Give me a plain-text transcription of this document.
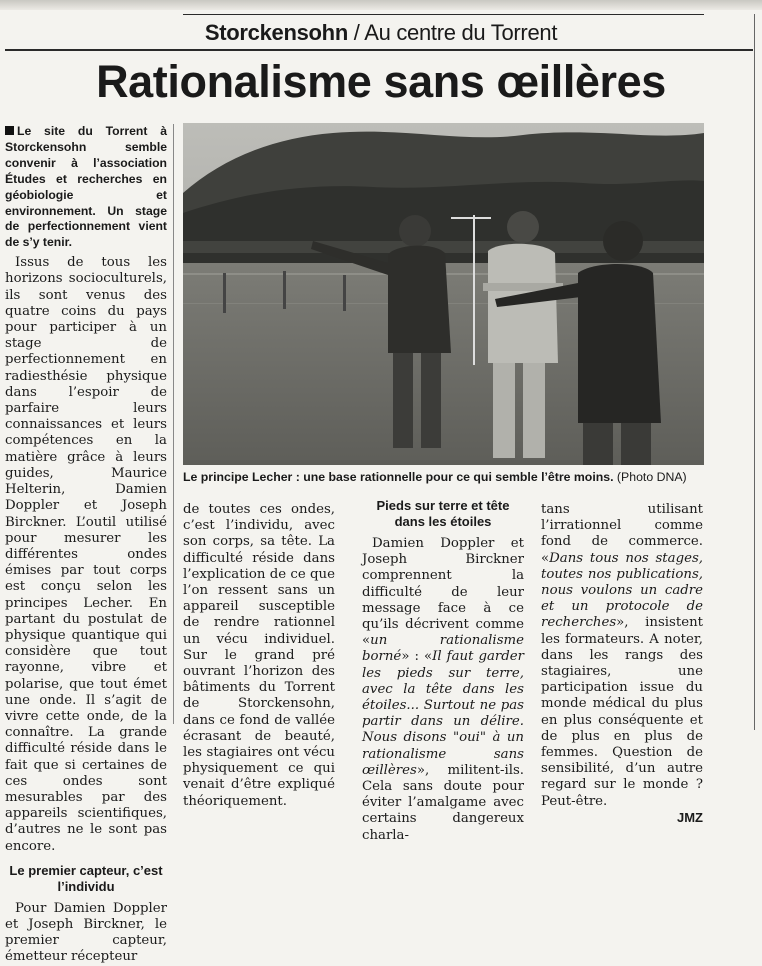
Storckensohn / Au centre du Torrent
Rationalisme sans œillères
Le site du Torrent à Storckensohn semble convenir à l’association Études et recherches en géobiologie et environnement. Un stage de perfectionnement vient de s’y tenir.

Issus de tous les horizons socioculturels, ils sont venus des quatre coins du pays pour participer à un stage de perfectionnement en radiesthésie physique dans l’espoir de parfaire leurs connaissances et leurs compétences en la matière grâce à leurs guides, Maurice Helterin, Damien Doppler et Joseph Birckner. L’outil utilisé pour mesurer les différentes ondes émises par tout corps est conçu selon les principes Lecher. En partant du postulat de physique quantique qui considère que tout rayonne, vibre et polarise, que tout émet une onde. Il s’agit de vivre cette onde, de la connaître. La grande difficulté réside dans le fait que si certaines de ces ondes sont mesurables par des appareils scientifiques, d’autres ne le sont pas encore.

Le premier capteur, c’est l’individu

Pour Damien Doppler et Joseph Birckner, le premier capteur, émetteur récepteur

Le principe Lecher : une base rationnelle pour ce qui semble l’être moins. (Photo DNA)

de toutes ces ondes, c’est l’individu, avec son corps, sa tête. La difficulté réside dans l’explication de ce que l’on ressent sans un appareil susceptible de rendre rationnel un vécu individuel. Sur le grand pré ouvrant l’horizon des bâtiments du Torrent de Storckensohn, dans ce fond de vallée écrasant de beauté, les stagiaires ont vécu physiquement ce qui venait d’être expliqué théoriquement.

Pieds sur terre et tête dans les étoiles

Damien Doppler et Joseph Birckner comprennent la difficulté de leur message face à ce qu’ils décrivent comme «un rationalisme borné» : «Il faut garder les pieds sur terre, avec la tête dans les étoiles... Surtout ne pas partir dans un délire. Nous disons "oui" à un rationalisme sans œillères», militent-ils. Cela sans doute pour éviter l’amalgame avec certains dangereux charla-

tans utilisant l’irrationnel comme fond de commerce. «Dans tous nos stages, toutes nos publications, nous voulons un cadre et un protocole de recherches», insistent les formateurs. A noter, dans les rangs des stagiaires, une participation issue du monde médical du plus en plus conséquente et de plus en plus de femmes. Question de sensibilité, d’un autre regard sur le monde ? Peut-être.

JMZ
